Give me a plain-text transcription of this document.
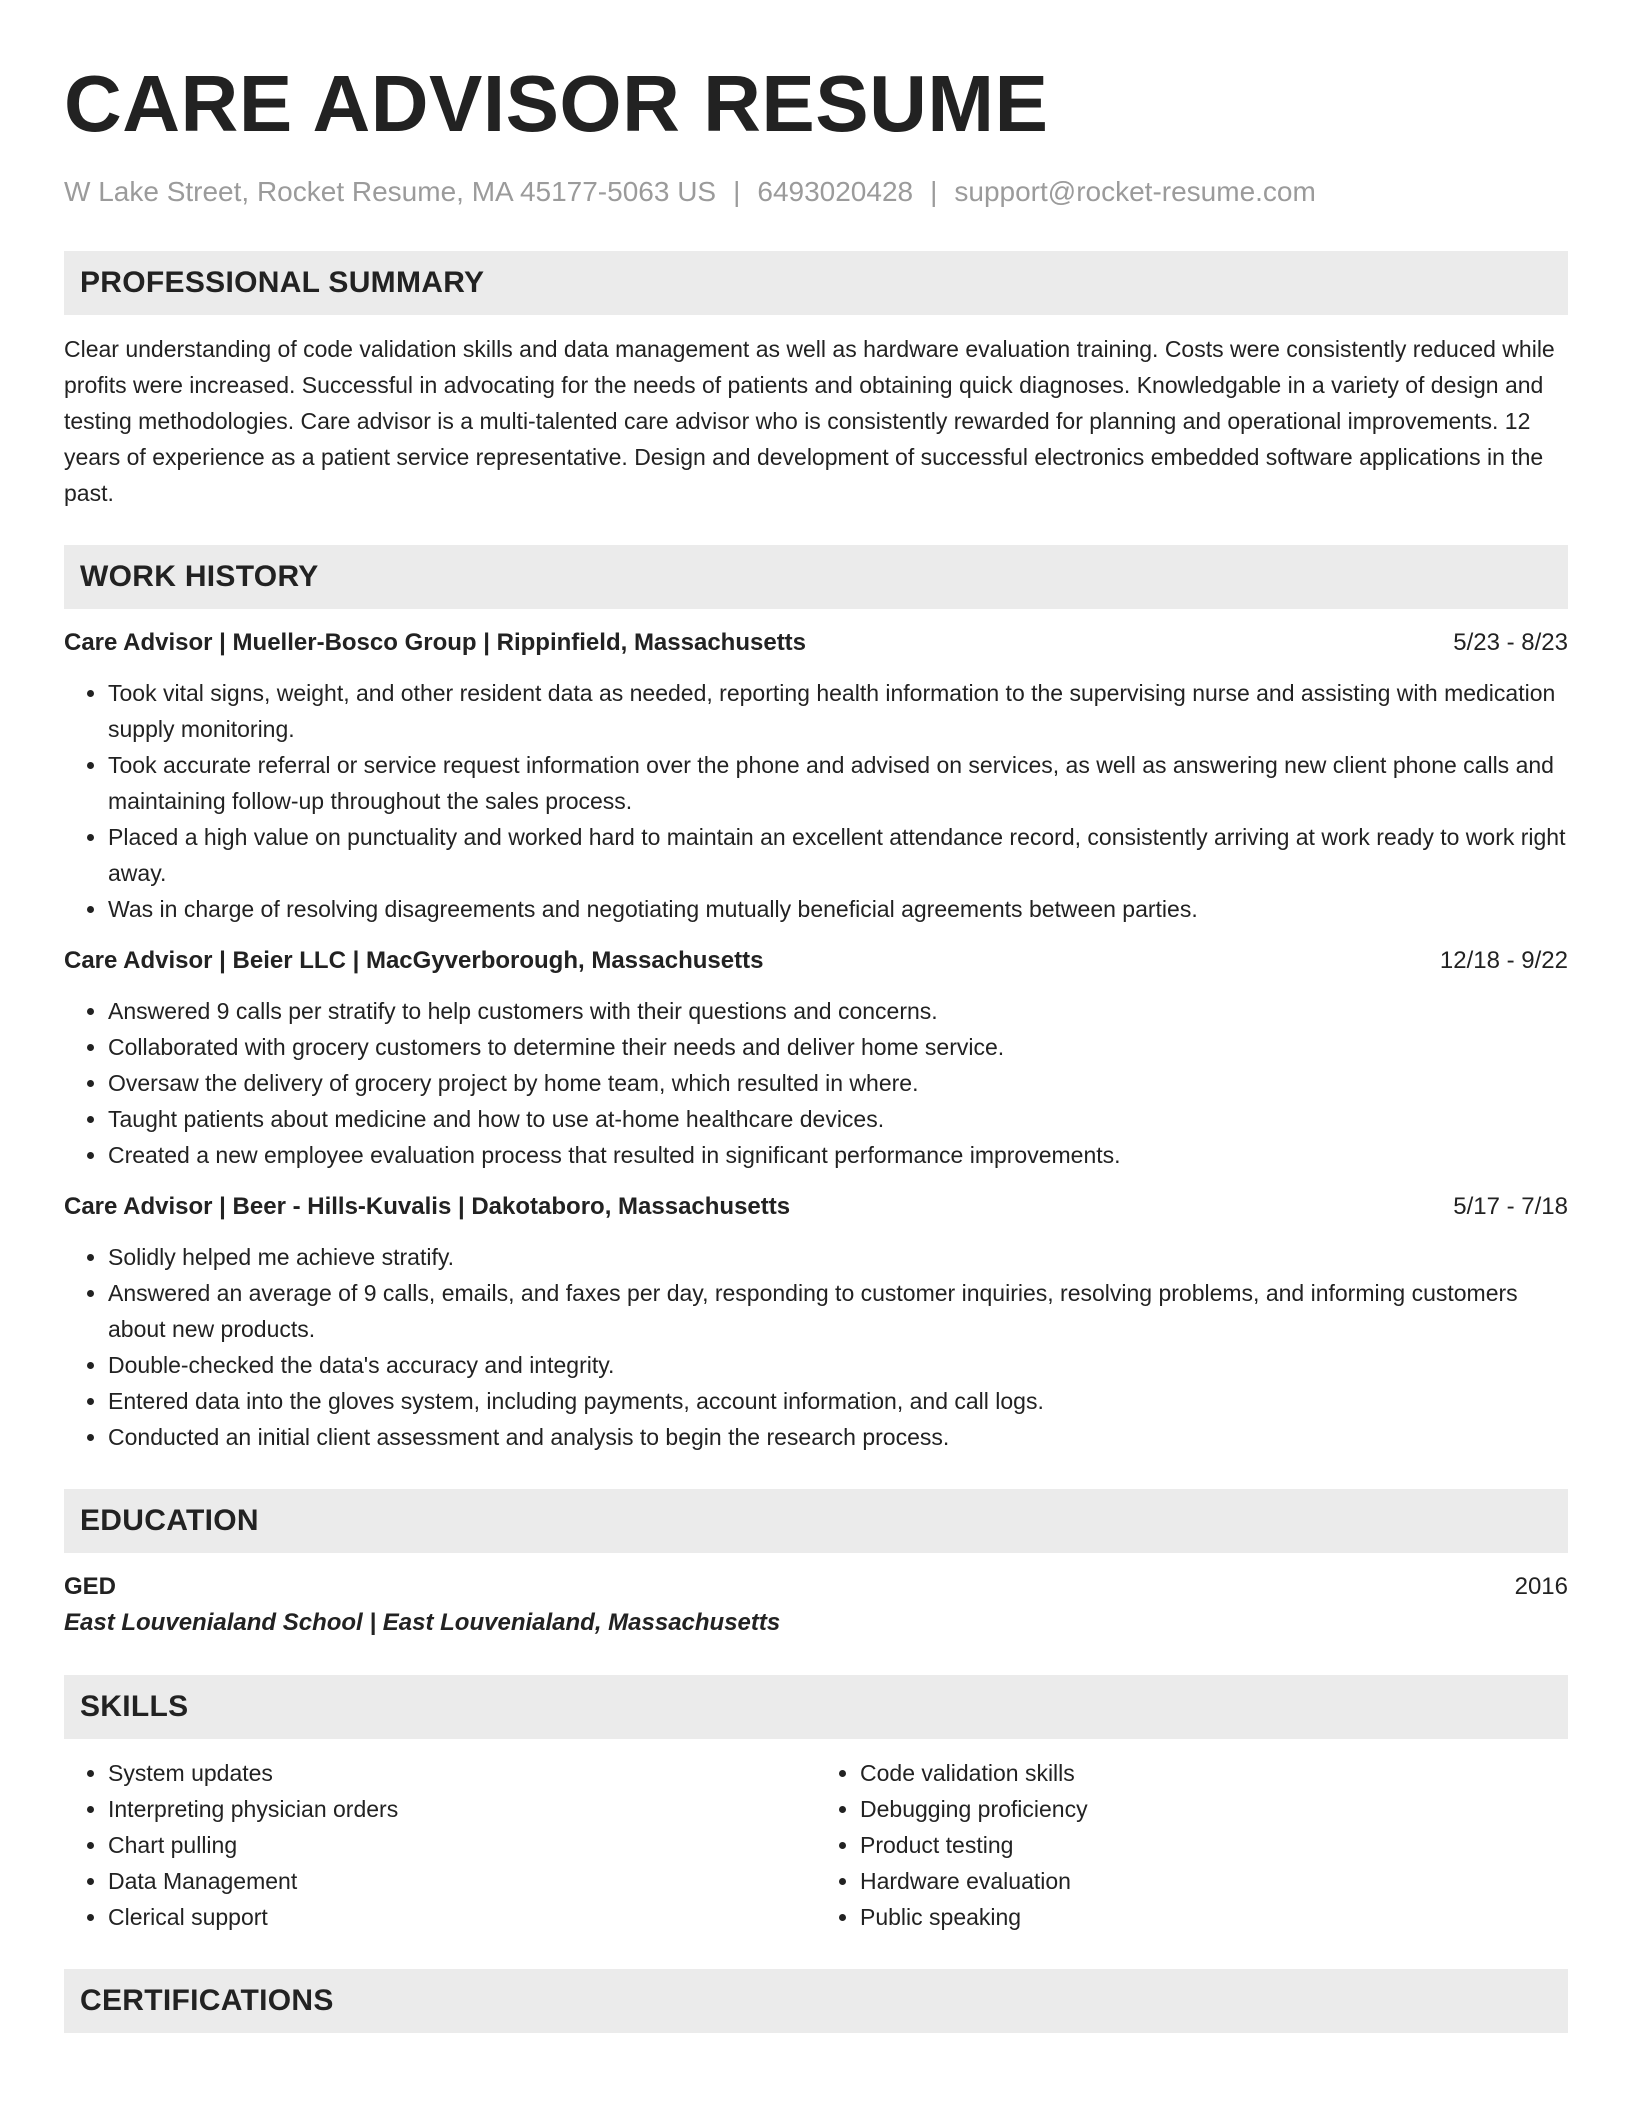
CARE ADVISOR RESUME
W Lake Street, Rocket Resume, MA 45177-5063 US | 6493020428 | support@rocket-resume.com
PROFESSIONAL SUMMARY
Clear understanding of code validation skills and data management as well as hardware evaluation training. Costs were consistently reduced while profits were increased. Successful in advocating for the needs of patients and obtaining quick diagnoses. Knowledgable in a variety of design and testing methodologies. Care advisor is a multi-talented care advisor who is consistently rewarded for planning and operational improvements. 12 years of experience as a patient service representative. Design and development of successful electronics embedded software applications in the past.
WORK HISTORY
Care Advisor | Mueller-Bosco Group | Rippinfield, Massachusetts	5/23 - 8/23
• Took vital signs, weight, and other resident data as needed, reporting health information to the supervising nurse and assisting with medication supply monitoring.
• Took accurate referral or service request information over the phone and advised on services, as well as answering new client phone calls and maintaining follow-up throughout the sales process.
• Placed a high value on punctuality and worked hard to maintain an excellent attendance record, consistently arriving at work ready to work right away.
• Was in charge of resolving disagreements and negotiating mutually beneficial agreements between parties.
Care Advisor | Beier LLC | MacGyverborough, Massachusetts	12/18 - 9/22
• Answered 9 calls per stratify to help customers with their questions and concerns.
• Collaborated with grocery customers to determine their needs and deliver home service.
• Oversaw the delivery of grocery project by home team, which resulted in where.
• Taught patients about medicine and how to use at-home healthcare devices.
• Created a new employee evaluation process that resulted in significant performance improvements.
Care Advisor | Beer - Hills-Kuvalis | Dakotaboro, Massachusetts	5/17 - 7/18
• Solidly helped me achieve stratify.
• Answered an average of 9 calls, emails, and faxes per day, responding to customer inquiries, resolving problems, and informing customers about new products.
• Double-checked the data's accuracy and integrity.
• Entered data into the gloves system, including payments, account information, and call logs.
• Conducted an initial client assessment and analysis to begin the research process.
EDUCATION
GED	2016
East Louvenialand School | East Louvenialand, Massachusetts
SKILLS
• System updates
• Interpreting physician orders
• Chart pulling
• Data Management
• Clerical support
• Code validation skills
• Debugging proficiency
• Product testing
• Hardware evaluation
• Public speaking
CERTIFICATIONS
